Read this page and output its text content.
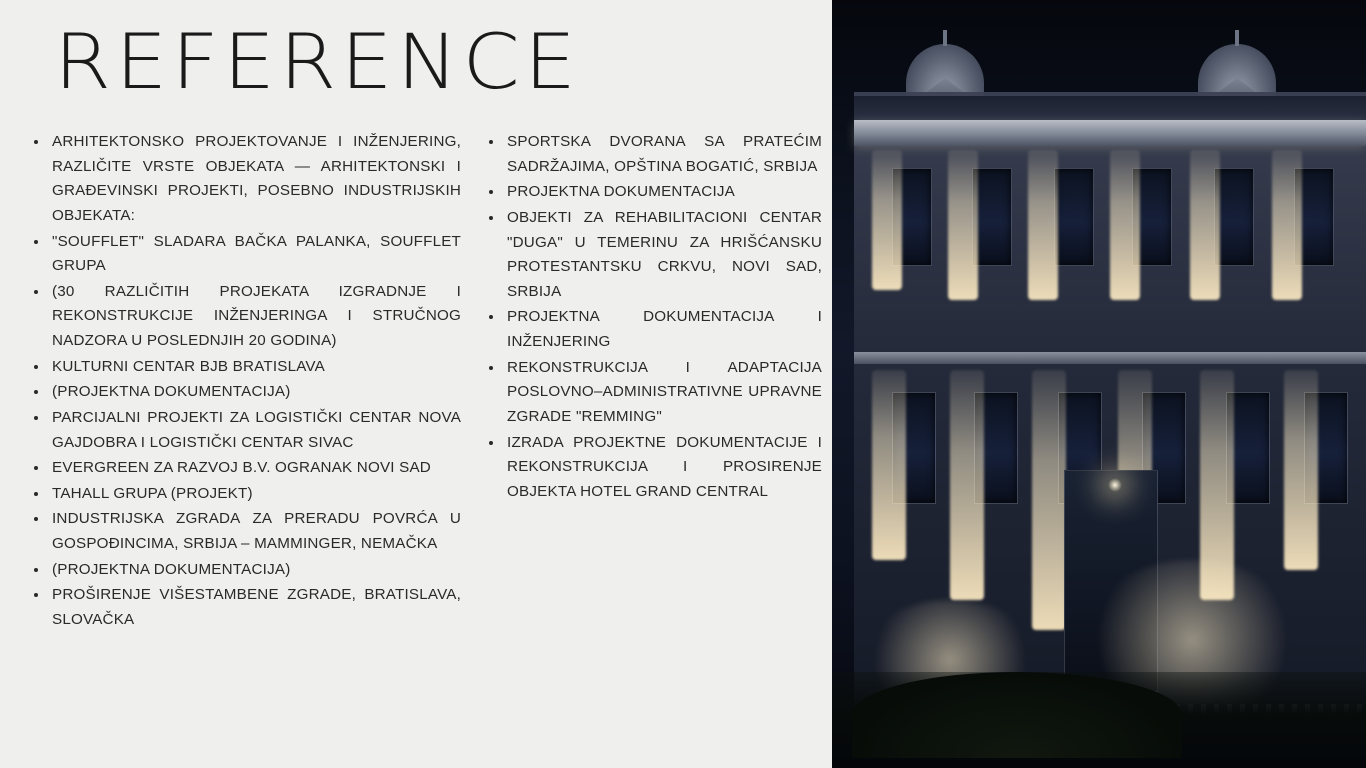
REFERENCE
ARHITEKTONSKO PROJEKTOVANJE I INŽENJERING, RAZLIČITE VRSTE OBJEKATA — ARHITEKTONSKI I GRAĐEVINSKI PROJEKTI, POSEBNO INDUSTRIJSKIH OBJEKATA:
"SOUFFLET" SLADARA BAČKA PALANKA, SOUFFLET GRUPA
(30 RAZLIČITIH PROJEKATA IZGRADNJE I REKONSTRUKCIJE INŽENJERINGA I STRUČNOG NADZORA U POSLEDNJIH 20 GODINA)
KULTURNI CENTAR BJB BRATISLAVA
(PROJEKTNA DOKUMENTACIJA)
PARCIJALNI PROJEKTI ZA LOGISTIČKI CENTAR NOVA GAJDOBRA I LOGISTIČKI CENTAR SIVAC
EVERGREEN ZA RAZVOJ B.V. OGRANAK NOVI SAD
TAHALL GRUPA (PROJEKT)
INDUSTRIJSKA ZGRADA ZA PRERADU POVRĆA U GOSPOĐINCIMA, SRBIJA – MAMMINGER, NEMAČKA
(PROJEKTNA DOKUMENTACIJA)
PROŠIRENJE VIŠESTAMBENE ZGRADE, BRATISLAVA, SLOVAČKA
SPORTSKA DVORANA SA PRATEĆIM SADRŽAJIMA, OPŠTINA BOGATIĆ, SRBIJA
PROJEKTNA DOKUMENTACIJA
OBJEKTI ZA REHABILITACIONI CENTAR "DUGA" U TEMERINU ZA HRIŠĆANSKU PROTESTANTSKU CRKVU, NOVI SAD, SRBIJA
PROJEKTNA DOKUMENTACIJA I INŽENJERING
REKONSTRUKCIJA I ADAPTACIJA POSLOVNO–ADMINISTRATIVNE UPRAVNE ZGRADE "REMMING"
IZRADA PROJEKTNE DOKUMENTACIJE I REKONSTRUKCIJA I PROSIRENJE OBJEKTA HOTEL GRAND CENTRAL
